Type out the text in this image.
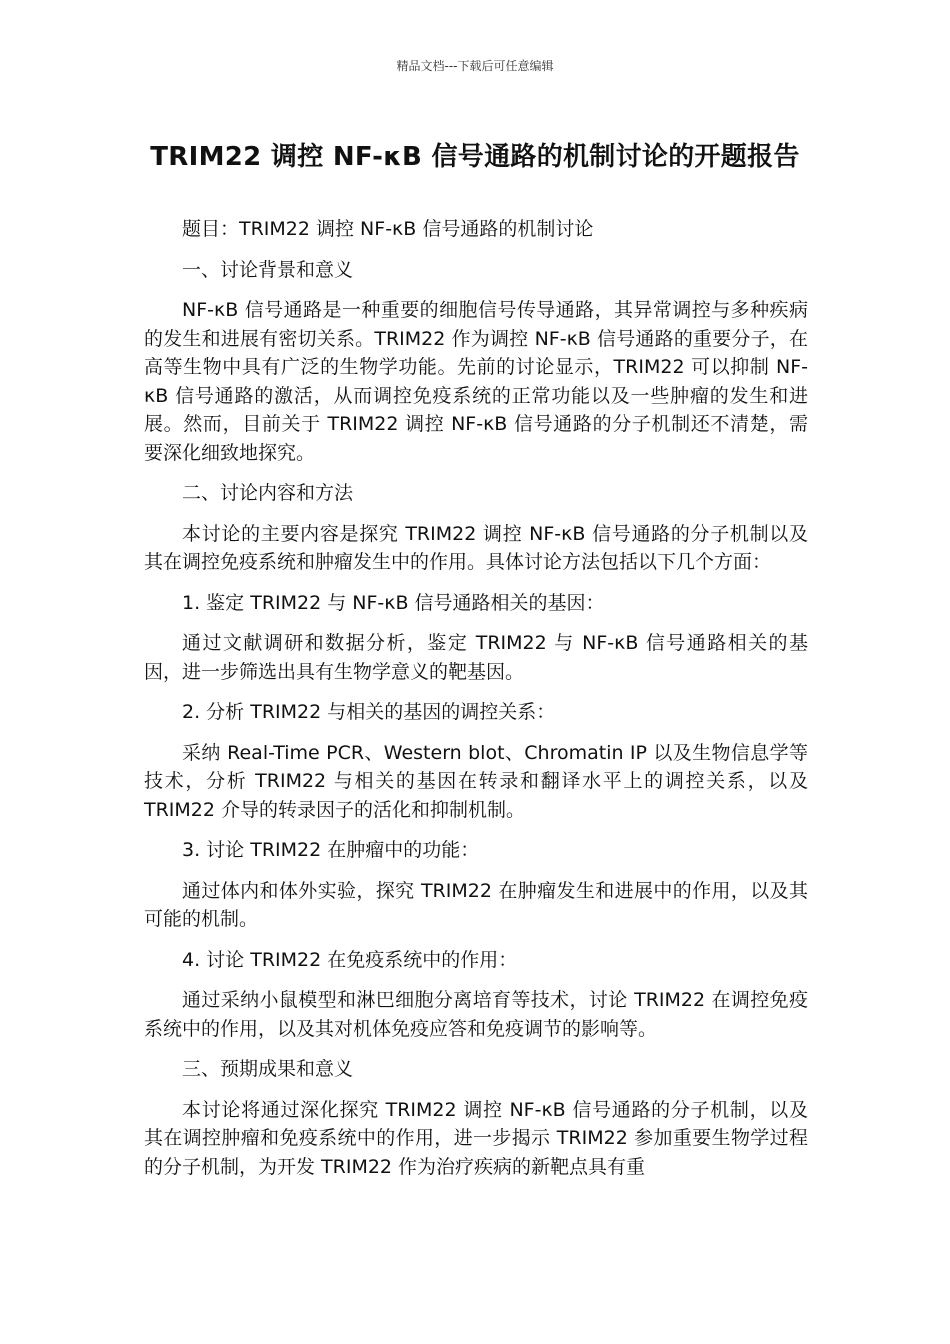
精品文档---下载后可任意编辑
TRIM22 调控 NF-κB 信号通路的机制讨论的开题报告

题目：TRIM22 调控 NF-κB 信号通路的机制讨论

一、讨论背景和意义

NF-κB 信号通路是一种重要的细胞信号传导通路，其异常调控与多种疾病的发生和进展有密切关系。TRIM22 作为调控 NF-κB 信号通路的重要分子，在高等生物中具有广泛的生物学功能。先前的讨论显示，TRIM22 可以抑制 NF-κB 信号通路的激活，从而调控免疫系统的正常功能以及一些肿瘤的发生和进展。然而，目前关于 TRIM22 调控 NF-κB 信号通路的分子机制还不清楚，需要深化细致地探究。

二、讨论内容和方法

本讨论的主要内容是探究 TRIM22 调控 NF-κB 信号通路的分子机制以及其在调控免疫系统和肿瘤发生中的作用。具体讨论方法包括以下几个方面：

1. 鉴定 TRIM22 与 NF-κB 信号通路相关的基因：

通过文献调研和数据分析，鉴定 TRIM22 与 NF-κB 信号通路相关的基因，进一步筛选出具有生物学意义的靶基因。

2. 分析 TRIM22 与相关的基因的调控关系：

采纳 Real-Time PCR、Western blot、Chromatin IP 以及生物信息学等技术，分析 TRIM22 与相关的基因在转录和翻译水平上的调控关系，以及 TRIM22 介导的转录因子的活化和抑制机制。

3. 讨论 TRIM22 在肿瘤中的功能：

通过体内和体外实验，探究 TRIM22 在肿瘤发生和进展中的作用，以及其可能的机制。

4. 讨论 TRIM22 在免疫系统中的作用：

通过采纳小鼠模型和淋巴细胞分离培育等技术，讨论 TRIM22 在调控免疫系统中的作用，以及其对机体免疫应答和免疫调节的影响等。

三、预期成果和意义

本讨论将通过深化探究 TRIM22 调控 NF-κB 信号通路的分子机制，以及其在调控肿瘤和免疫系统中的作用，进一步揭示 TRIM22 参加重要生物学过程的分子机制，为开发 TRIM22 作为治疗疾病的新靶点具有重
